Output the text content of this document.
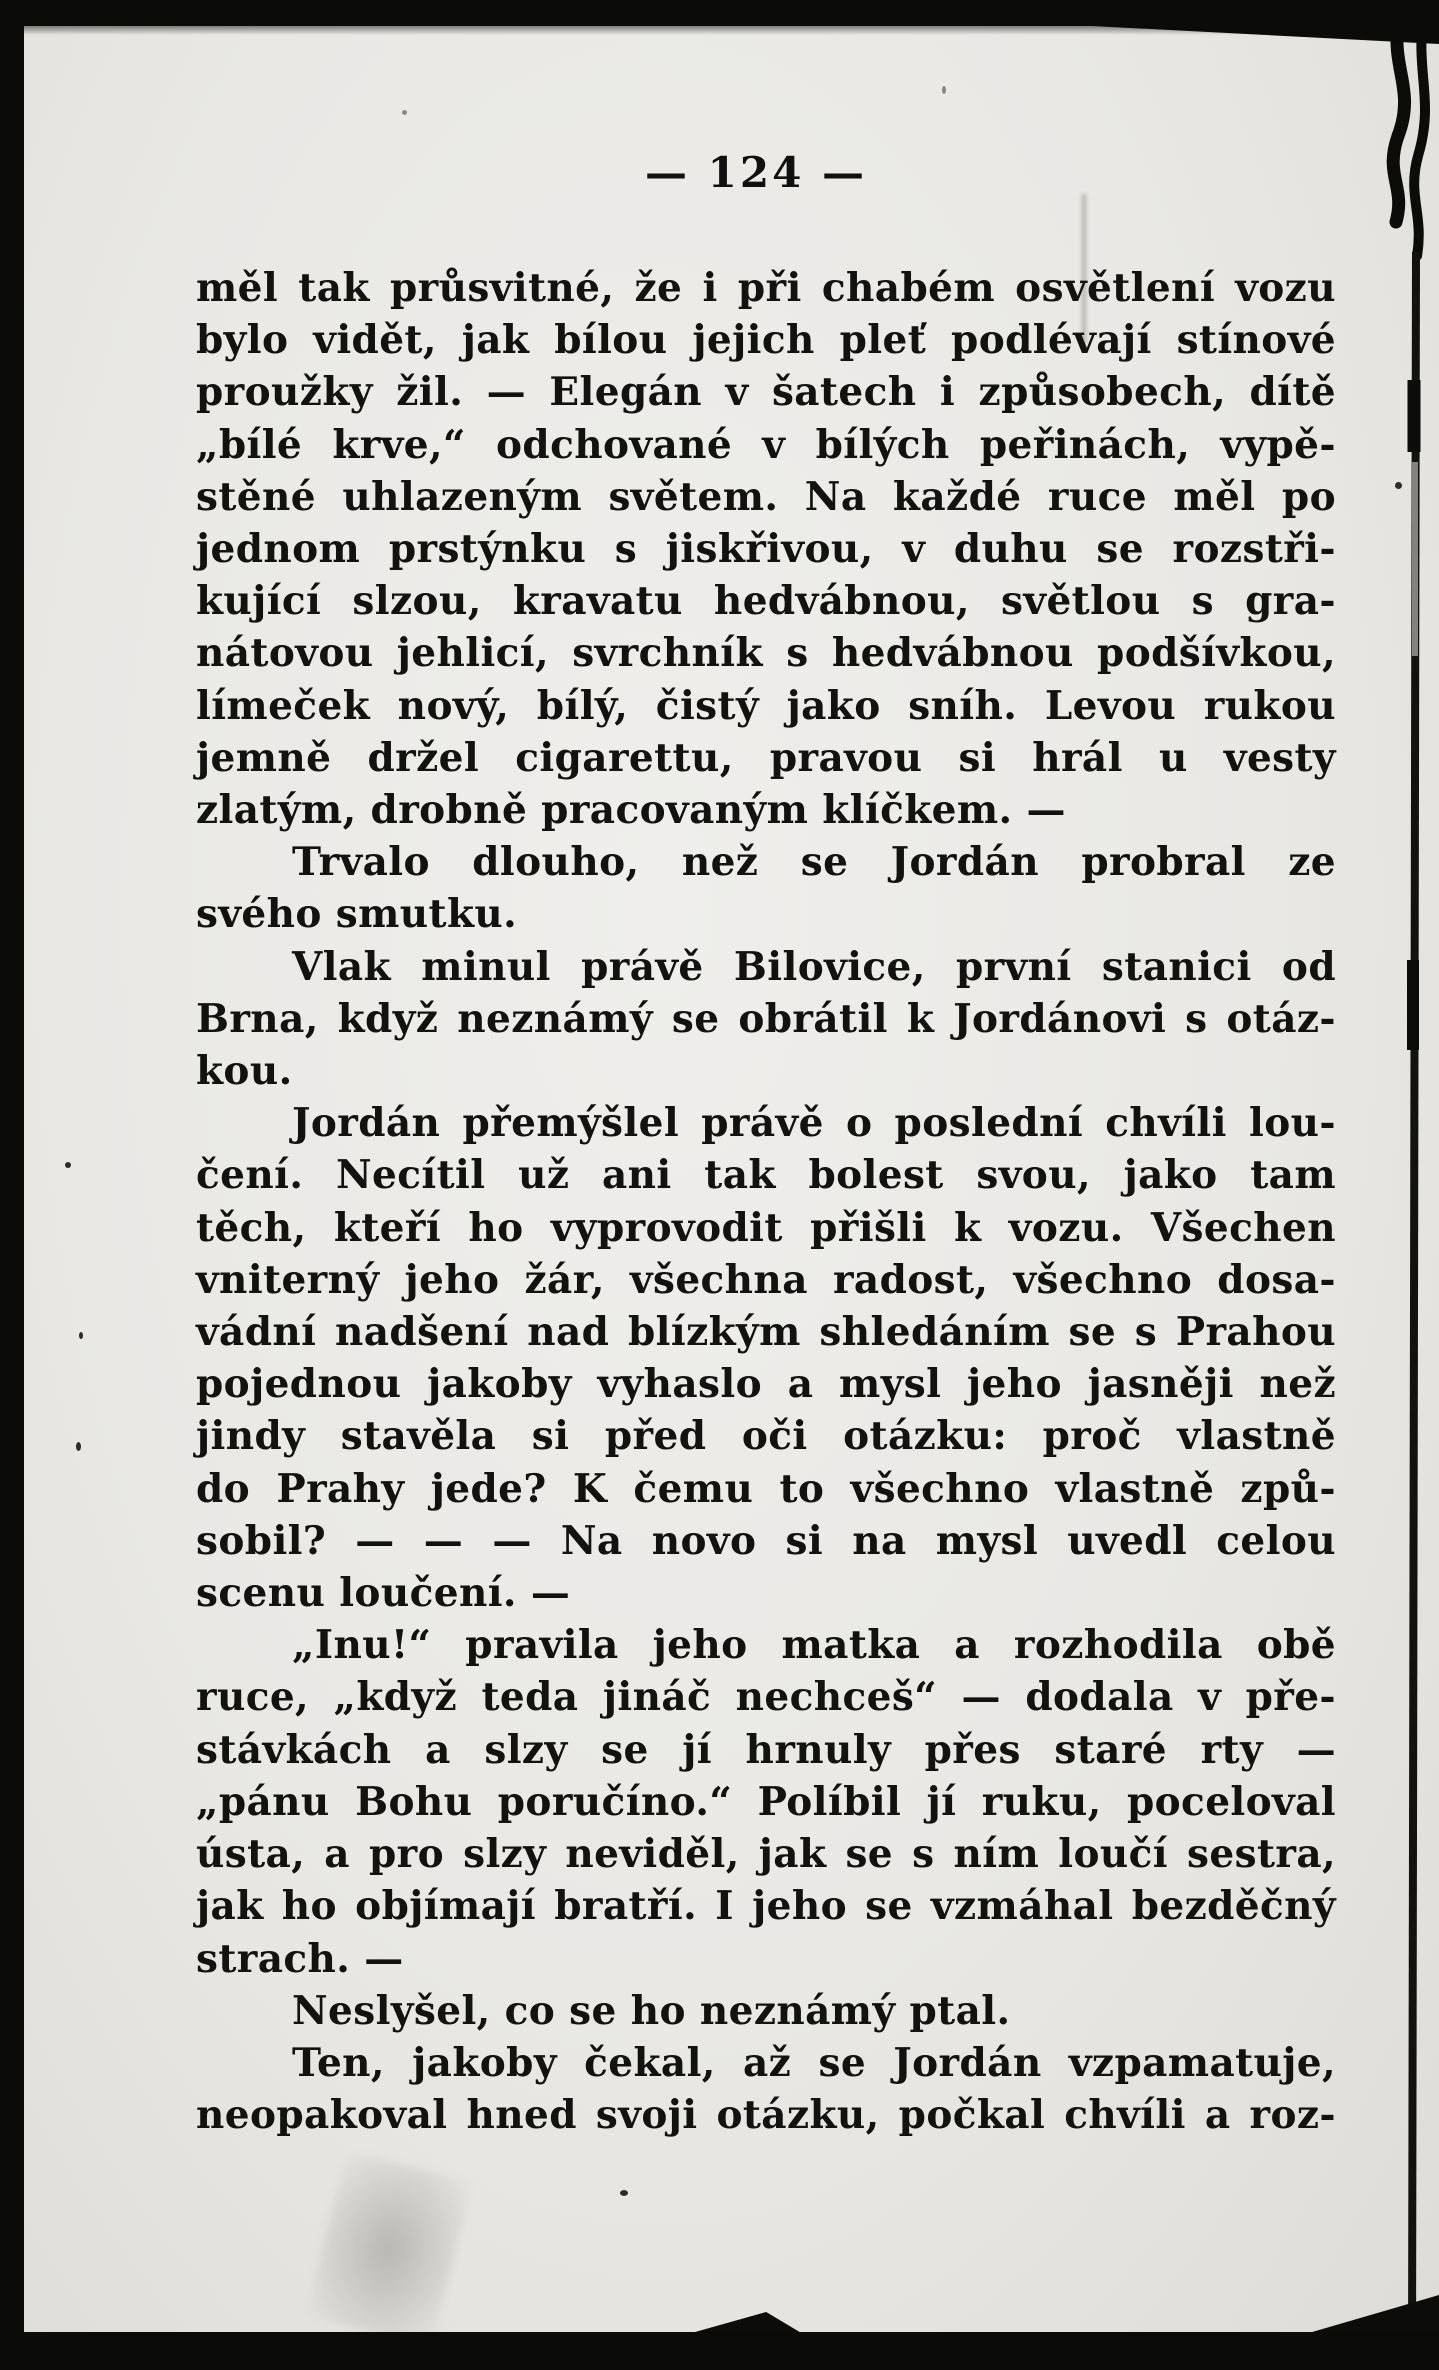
— 124 —
měl tak průsvitné, že i při chabém osvětlení vozu
bylo vidět, jak bílou jejich pleť podlévají stínové
proužky žil. — Elegán v šatech i způsobech, dítě
„bílé krve,“ odchované v bílých peřinách, vypě-
stěné uhlazeným světem. Na každé ruce měl po
jednom prstýnku s jiskřivou, v duhu se rozstři-
kující slzou, kravatu hedvábnou, světlou s gra-
nátovou jehlicí, svrchník s hedvábnou podšívkou,
límeček nový, bílý, čistý jako sníh. Levou rukou
jemně držel cigarettu, pravou si hrál u vesty
zlatým, drobně pracovaným klíčkem. —
Trvalo dlouho, než se Jordán probral ze
svého smutku.
Vlak minul právě Bilovice, první stanici od
Brna, když neznámý se obrátil k Jordánovi s otáz-
kou.
Jordán přemýšlel právě o poslední chvíli lou-
čení. Necítil už ani tak bolest svou, jako tam
těch, kteří ho vyprovodit přišli k vozu. Všechen
vniterný jeho žár, všechna radost, všechno dosa-
vádní nadšení nad blízkým shledáním se s Prahou
pojednou jakoby vyhaslo a mysl jeho jasněji než
jindy stavěla si před oči otázku: proč vlastně
do Prahy jede? K čemu to všechno vlastně způ-
sobil? — — — Na novo si na mysl uvedl celou
scenu loučení. —
„Inu!“ pravila jeho matka a rozhodila obě
ruce, „když teda jináč nechceš“ — dodala v pře-
stávkách a slzy se jí hrnuly přes staré rty —
„pánu Bohu poručíno.“ Políbil jí ruku, poceloval
ústa, a pro slzy neviděl, jak se s ním loučí sestra,
jak ho objímají bratří. I jeho se vzmáhal bezděčný
strach. —
Neslyšel, co se ho neznámý ptal.
Ten, jakoby čekal, až se Jordán vzpamatuje,
neopakoval hned svoji otázku, počkal chvíli a roz-
